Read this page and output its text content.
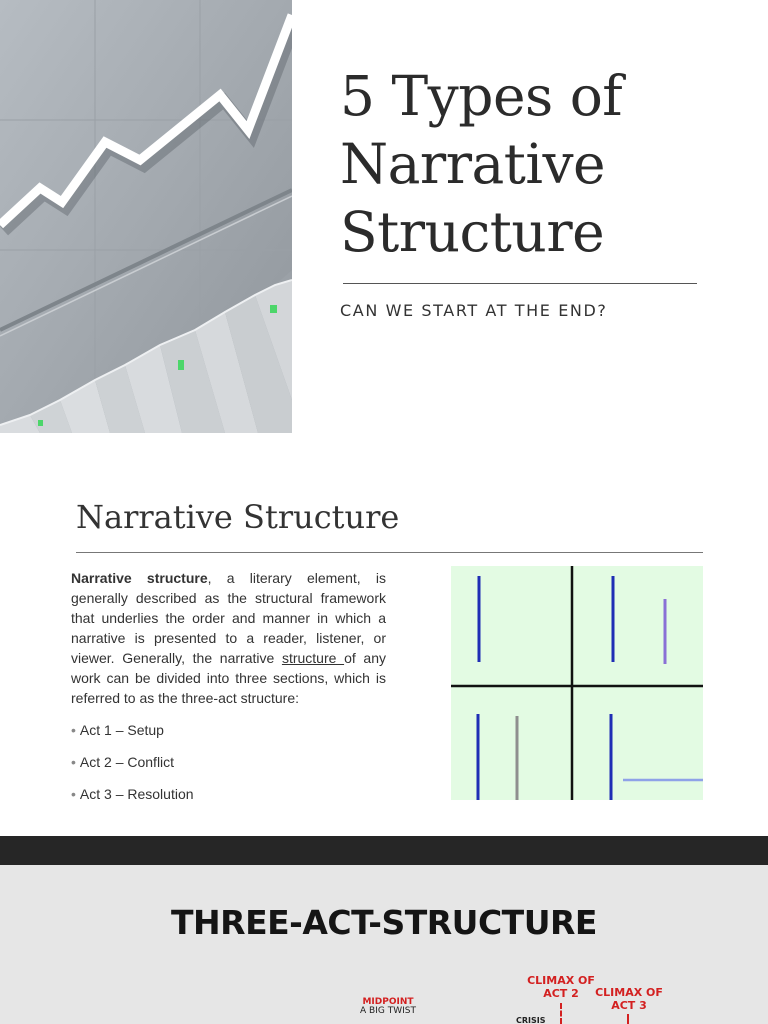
5 Types of
Narrative
Structure
CAN WE START AT THE END?
Narrative Structure

Narrative structure, a literary element, is generally described as the structural framework that underlies the order and manner in which a narrative is presented to a reader, listener, or viewer. Generally, the narrative structure of any work can be divided into three sections, which is referred to as the three-act structure:

• Act 1 – Setup
• Act 2 – Conflict
• Act 3 – Resolution
THREE-ACT-STRUCTURE
MIDPOINT
A BIG TWIST
CLIMAX OF
ACT 2	CLIMAX OF
ACT 3
CRISIS
